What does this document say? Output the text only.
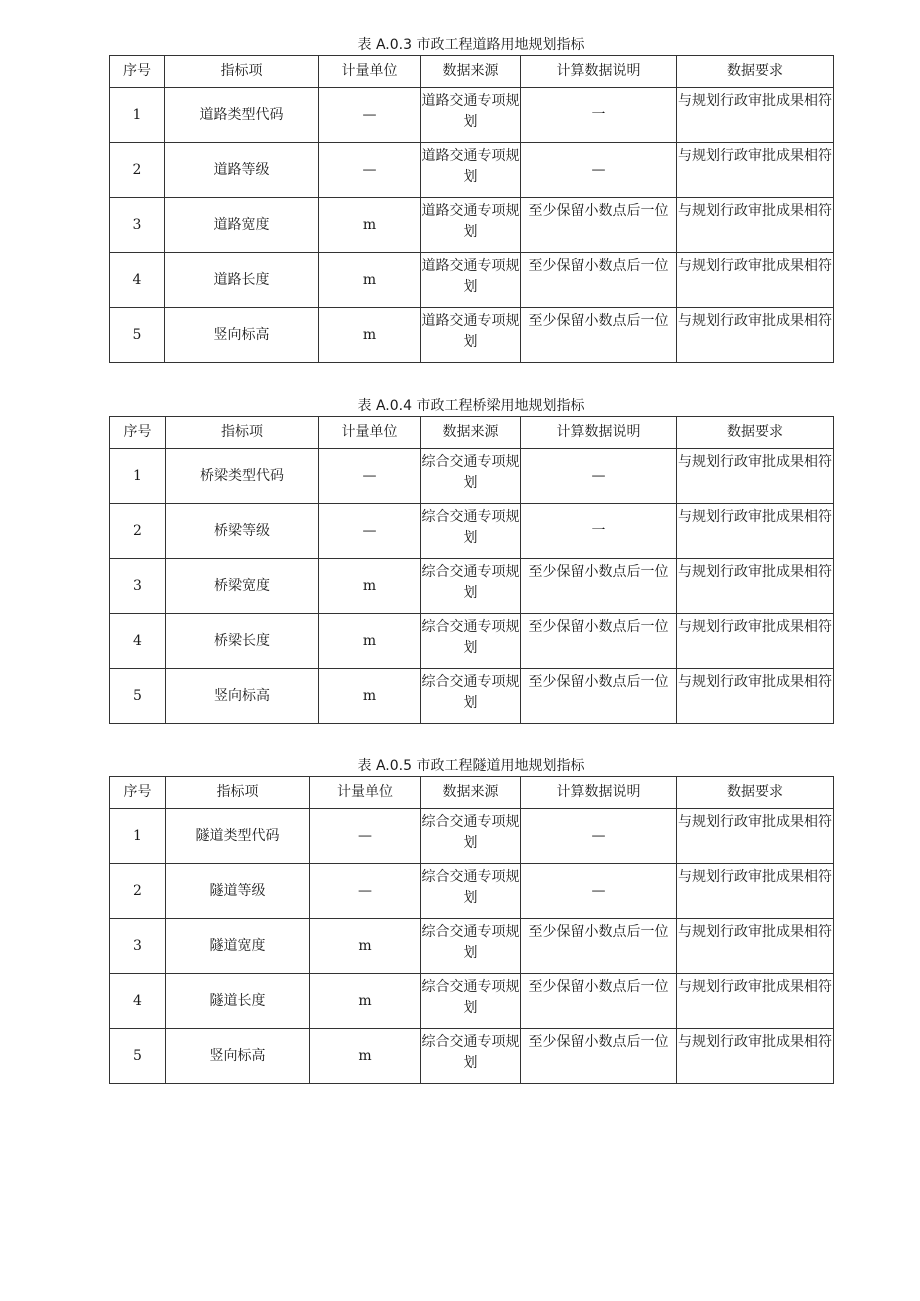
表 A.0.3 市政工程道路用地规划指标
序号	指标项	计量单位	数据来源	计算数据说明	数据要求
1	道路类型代码	—	道路交通专项规划	一	与规划行政审批成果相符
2	道路等级	—	道路交通专项规划	—	与规划行政审批成果相符
3	道路宽度	m	道路交通专项规划	至少保留小数点后一位	与规划行政审批成果相符
4	道路长度	m	道路交通专项规划	至少保留小数点后一位	与规划行政审批成果相符
5	竖向标高	m	道路交通专项规划	至少保留小数点后一位	与规划行政审批成果相符
表 A.0.4 市政工程桥梁用地规划指标
序号	指标项	计量单位	数据来源	计算数据说明	数据要求
1	桥梁类型代码	—	综合交通专项规划	—	与规划行政审批成果相符
2	桥梁等级	—	综合交通专项规划	一	与规划行政审批成果相符
3	桥梁宽度	m	综合交通专项规划	至少保留小数点后一位	与规划行政审批成果相符
4	桥梁长度	m	综合交通专项规划	至少保留小数点后一位	与规划行政审批成果相符
5	竖向标高	m	综合交通专项规划	至少保留小数点后一位	与规划行政审批成果相符
表 A.0.5 市政工程隧道用地规划指标
序号	指标项	计量单位	数据来源	计算数据说明	数据要求
1	隧道类型代码	—	综合交通专项规划	—	与规划行政审批成果相符
2	隧道等级	—	综合交通专项规划	—	与规划行政审批成果相符
3	隧道宽度	m	综合交通专项规划	至少保留小数点后一位	与规划行政审批成果相符
4	隧道长度	m	综合交通专项规划	至少保留小数点后一位	与规划行政审批成果相符
5	竖向标高	m	综合交通专项规划	至少保留小数点后一位	与规划行政审批成果相符
